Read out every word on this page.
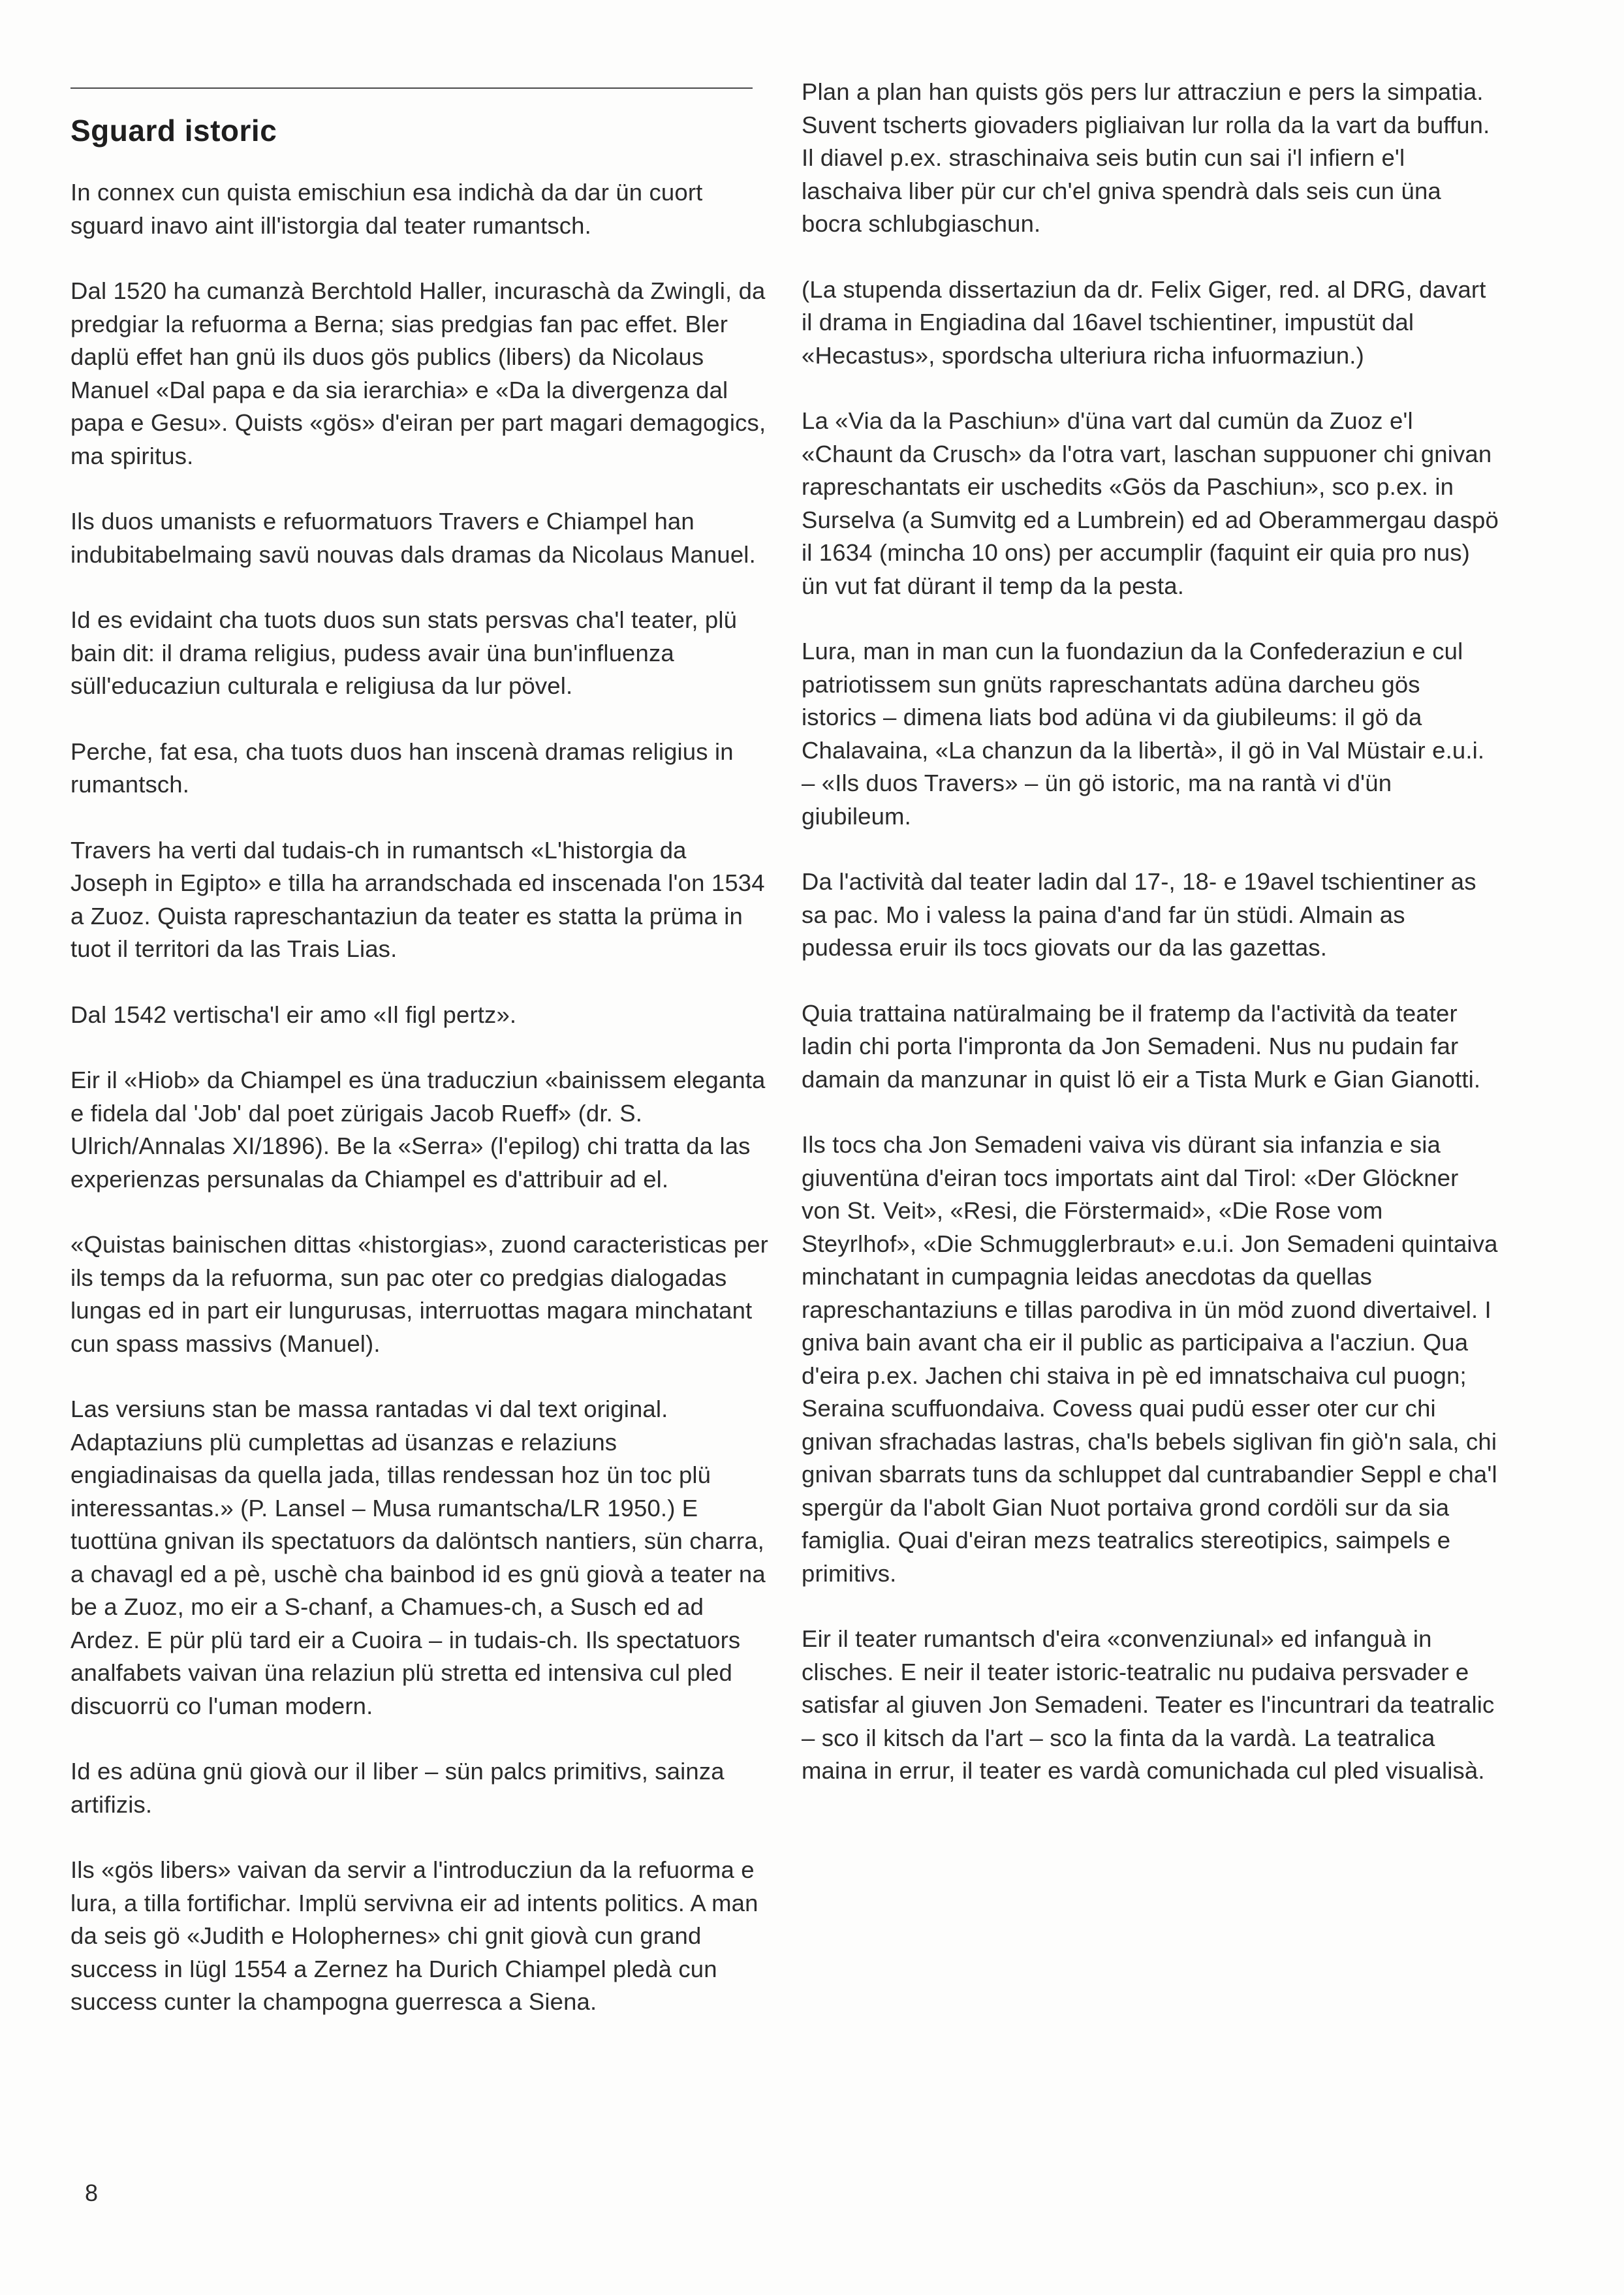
Sguard istoric

In connex cun quista emischiun esa indichà da dar ün cuort sguard inavo aint ill'istorgia dal teater rumantsch.

Dal 1520 ha cumanzà Berchtold Haller, incuraschà da Zwingli, da predgiar la refuorma a Berna; sias predgias fan pac effet. Bler daplü effet han gnü ils duos gös publics (libers) da Nicolaus Manuel «Dal papa e da sia ierarchia» e «Da la divergenza dal papa e Gesu». Quists «gös» d'eiran per part magari demagogics, ma spiritus.

Ils duos umanists e refuormatuors Travers e Chiampel han indubitabelmaing savü nouvas dals dramas da Nicolaus Manuel.

Id es evidaint cha tuots duos sun stats persvas cha'l teater, plü bain dit: il drama religius, pudess avair üna bun'influenza süll'educaziun culturala e religiusa da lur pövel.

Perche, fat esa, cha tuots duos han inscenà dramas religius in rumantsch.

Travers ha verti dal tudais-ch in rumantsch «L'historgia da Joseph in Egipto» e tilla ha arrandschada ed inscenada l'on 1534 a Zuoz. Quista rapreschantaziun da teater es statta la prüma in tuot il territori da las Trais Lias.

Dal 1542 vertischa'l eir amo «Il figl pertz».

Eir il «Hiob» da Chiampel es üna traducziun «bainissem eleganta e fidela dal 'Job' dal poet zürigais Jacob Rueff» (dr. S. Ulrich/Annalas XI/1896). Be la «Serra» (l'epilog) chi tratta da las experienzas persunalas da Chiampel es d'attribuir ad el.

«Quistas bainischen dittas «historgias», zuond caracteristicas per ils temps da la refuorma, sun pac oter co predgias dialogadas lungas ed in part eir lungurusas, interruottas magara minchatant cun spass massivs (Manuel).

Las versiuns stan be massa rantadas vi dal text original. Adaptaziuns plü cumplettas ad üsanzas e relaziuns engiadinaisas da quella jada, tillas rendessan hoz ün toc plü interessantas.» (P. Lansel – Musa rumantscha/LR 1950.) E tuottüna gnivan ils spectatuors da dalöntsch nantiers, sün charra, a chavagl ed a pè, uschè cha bainbod id es gnü giovà a teater na be a Zuoz, mo eir a S-chanf, a Chamues-ch, a Susch ed ad Ardez. E pür plü tard eir a Cuoira – in tudais-ch. Ils spectatuors analfabets vaivan üna relaziun plü stretta ed intensiva cul pled discuorrü co l'uman modern.

Id es adüna gnü giovà our il liber – sün palcs primitivs, sainza artifizis.

Ils «gös libers» vaivan da servir a l'introducziun da la refuorma e lura, a tilla fortifichar. Implü servivna eir ad intents politics. A man da seis gö «Judith e Holophernes» chi gnit giovà cun grand success in lügl 1554 a Zernez ha Durich Chiampel pledà cun success cunter la champogna guerresca a Siena.

Plan a plan han quists gös pers lur attracziun e pers la simpatia. Suvent tscherts giovaders pigliaivan lur rolla da la vart da buffun. Il diavel p.ex. straschinaiva seis butin cun sai i'l infiern e'l laschaiva liber pür cur ch'el gniva spendrà dals seis cun üna bocra schlubgiaschun.

(La stupenda dissertaziun da dr. Felix Giger, red. al DRG, davart il drama in Engiadina dal 16avel tschientiner, impustüt dal «Hecastus», spordscha ulteriura richa infuormaziun.)

La «Via da la Paschiun» d'üna vart dal cumün da Zuoz e'l «Chaunt da Crusch» da l'otra vart, laschan suppuoner chi gnivan rapreschantats eir uschedits «Gös da Paschiun», sco p.ex. in Surselva (a Sumvitg ed a Lumbrein) ed ad Oberammergau daspö il 1634 (mincha 10 ons) per accumplir (faquint eir quia pro nus) ün vut fat dürant il temp da la pesta.

Lura, man in man cun la fuondaziun da la Confederaziun e cul patriotissem sun gnüts rapreschantats adüna darcheu gös istorics – dimena liats bod adüna vi da giubileums: il gö da Chalavaina, «La chanzun da la libertà», il gö in Val Müstair e.u.i. – «Ils duos Travers» – ün gö istoric, ma na rantà vi d'ün giubileum.

Da l'actività dal teater ladin dal 17-, 18- e 19avel tschientiner as sa pac. Mo i valess la paina d'and far ün stüdi. Almain as pudessa eruir ils tocs giovats our da las gazettas.

Quia trattaina natüralmaing be il fratemp da l'actività da teater ladin chi porta l'impronta da Jon Semadeni. Nus nu pudain far damain da manzunar in quist lö eir a Tista Murk e Gian Gianotti.

Ils tocs cha Jon Semadeni vaiva vis dürant sia infanzia e sia giuventüna d'eiran tocs importats aint dal Tirol: «Der Glöckner von St. Veit», «Resi, die Förstermaid», «Die Rose vom Steyrlhof», «Die Schmugglerbraut» e.u.i. Jon Semadeni quintaiva minchatant in cumpagnia leidas anecdotas da quellas rapreschantaziuns e tillas parodiva in ün möd zuond divertaivel. I gniva bain avant cha eir il public as participaiva a l'acziun. Qua d'eira p.ex. Jachen chi staiva in pè ed imnatschaiva cul puogn; Seraina scuffuondaiva. Covess quai pudü esser oter cur chi gnivan sfrachadas lastras, cha'ls bebels siglivan fin giò'n sala, chi gnivan sbarrats tuns da schluppet dal cuntrabandier Seppl e cha'l spergür da l'abolt Gian Nuot portaiva grond cordöli sur da sia famiglia. Quai d'eiran mezs teatralics stereotipics, saimpels e primitivs.

Eir il teater rumantsch d'eira «convenziunal» ed infanguà in clisches. E neir il teater istoric-teatralic nu pudaiva persvader e satisfar al giuven Jon Semadeni. Teater es l'incuntrari da teatralic – sco il kitsch da l'art – sco la finta da la vardà. La teatralica maina in errur, il teater es vardà comunichada cul pled visualisà.

8
